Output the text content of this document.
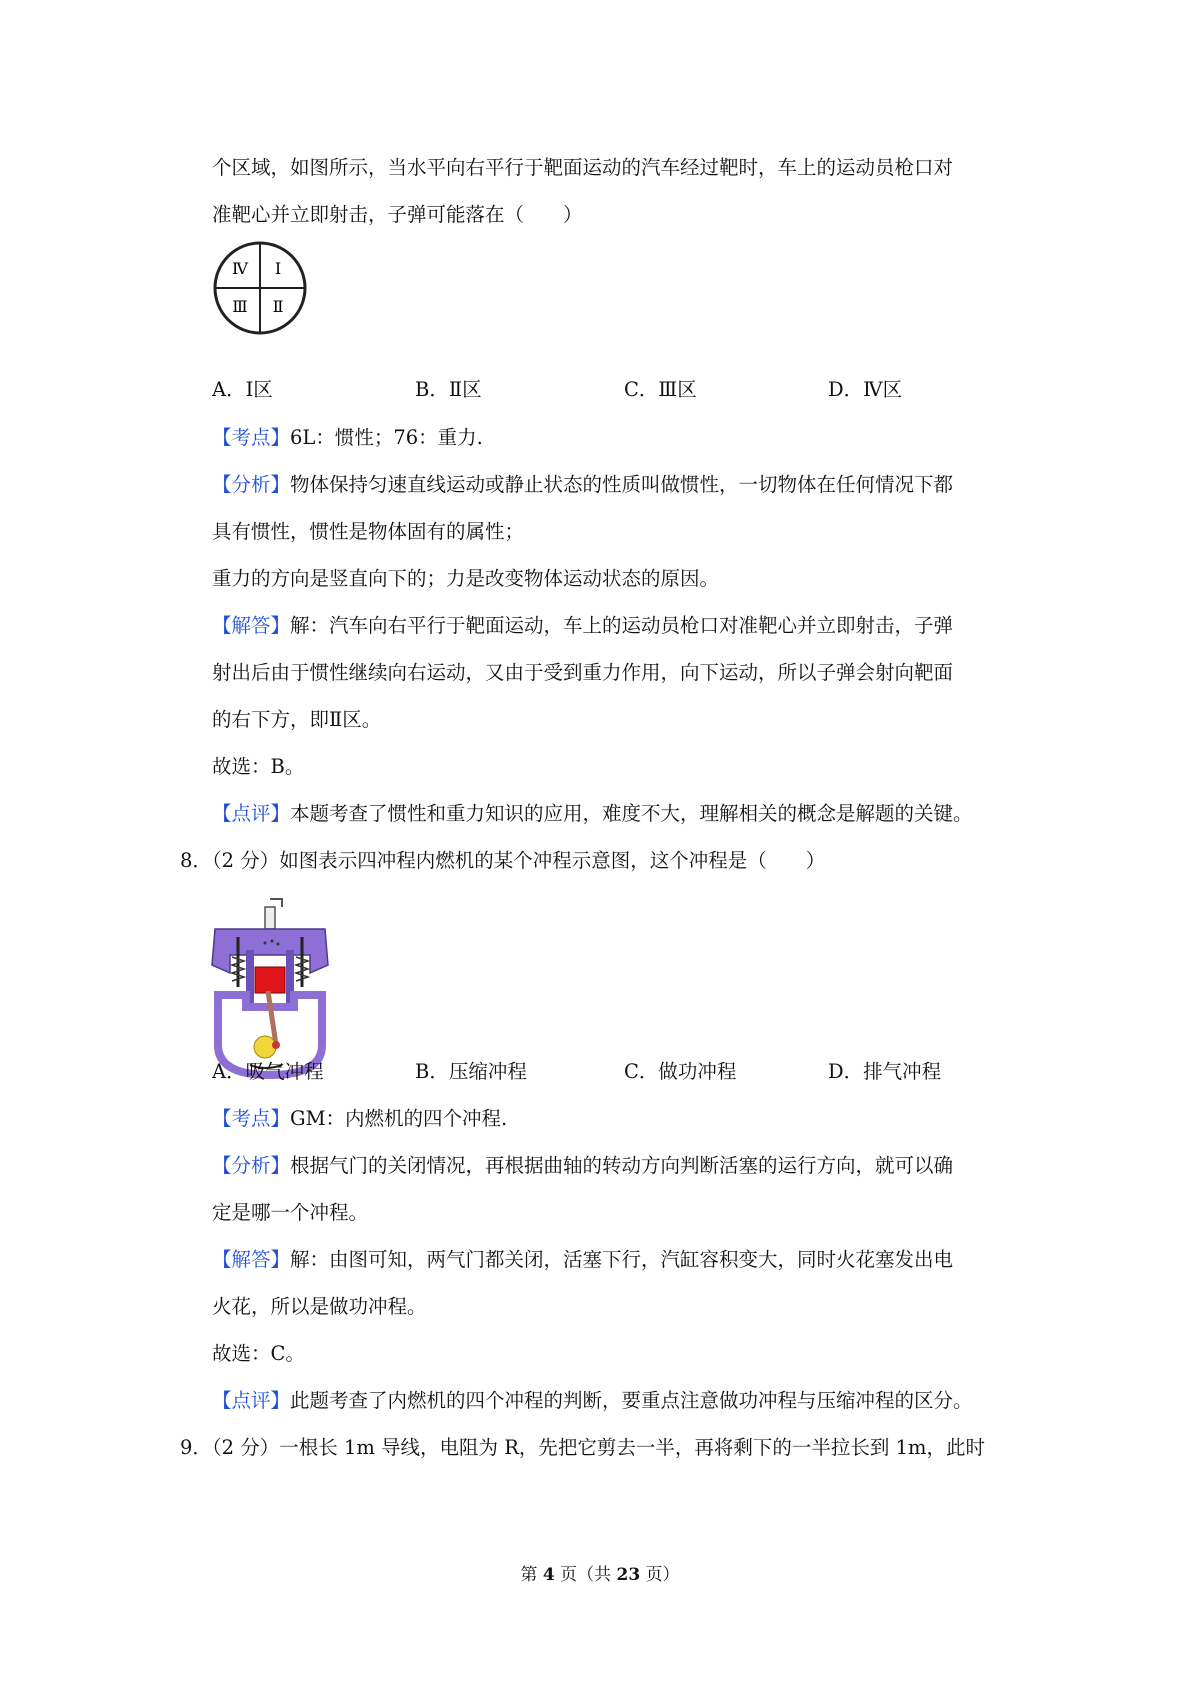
个区域，如图所示，当水平向右平行于靶面运动的汽车经过靶时，车上的运动员枪口对
准靶心并立即射击，子弹可能落在（　　）
Ⅳ Ⅰ
Ⅲ Ⅱ
A．Ⅰ区	B．Ⅱ区	C．Ⅲ区	D．Ⅳ区
【考点】6L：惯性；76：重力.
【分析】物体保持匀速直线运动或静止状态的性质叫做惯性，一切物体在任何情况下都
具有惯性，惯性是物体固有的属性；
重力的方向是竖直向下的；力是改变物体运动状态的原因。
【解答】解：汽车向右平行于靶面运动，车上的运动员枪口对准靶心并立即射击，子弹
射出后由于惯性继续向右运动，又由于受到重力作用，向下运动，所以子弹会射向靶面
的右下方，即Ⅱ区。
故选：B。
【点评】本题考查了惯性和重力知识的应用，难度不大，理解相关的概念是解题的关键。
8．（2 分）如图表示四冲程内燃机的某个冲程示意图，这个冲程是（　　）
A．吸气冲程	B．压缩冲程	C．做功冲程	D．排气冲程
【考点】GM：内燃机的四个冲程.
【分析】根据气门的关闭情况，再根据曲轴的转动方向判断活塞的运行方向，就可以确
定是哪一个冲程。
【解答】解：由图可知，两气门都关闭，活塞下行，汽缸容积变大，同时火花塞发出电
火花，所以是做功冲程。
故选：C。
【点评】此题考查了内燃机的四个冲程的判断，要重点注意做功冲程与压缩冲程的区分。
9．（2 分）一根长 1m 导线，电阻为 R，先把它剪去一半，再将剩下的一半拉长到 1m，此时
第 4 页（共 23 页）
